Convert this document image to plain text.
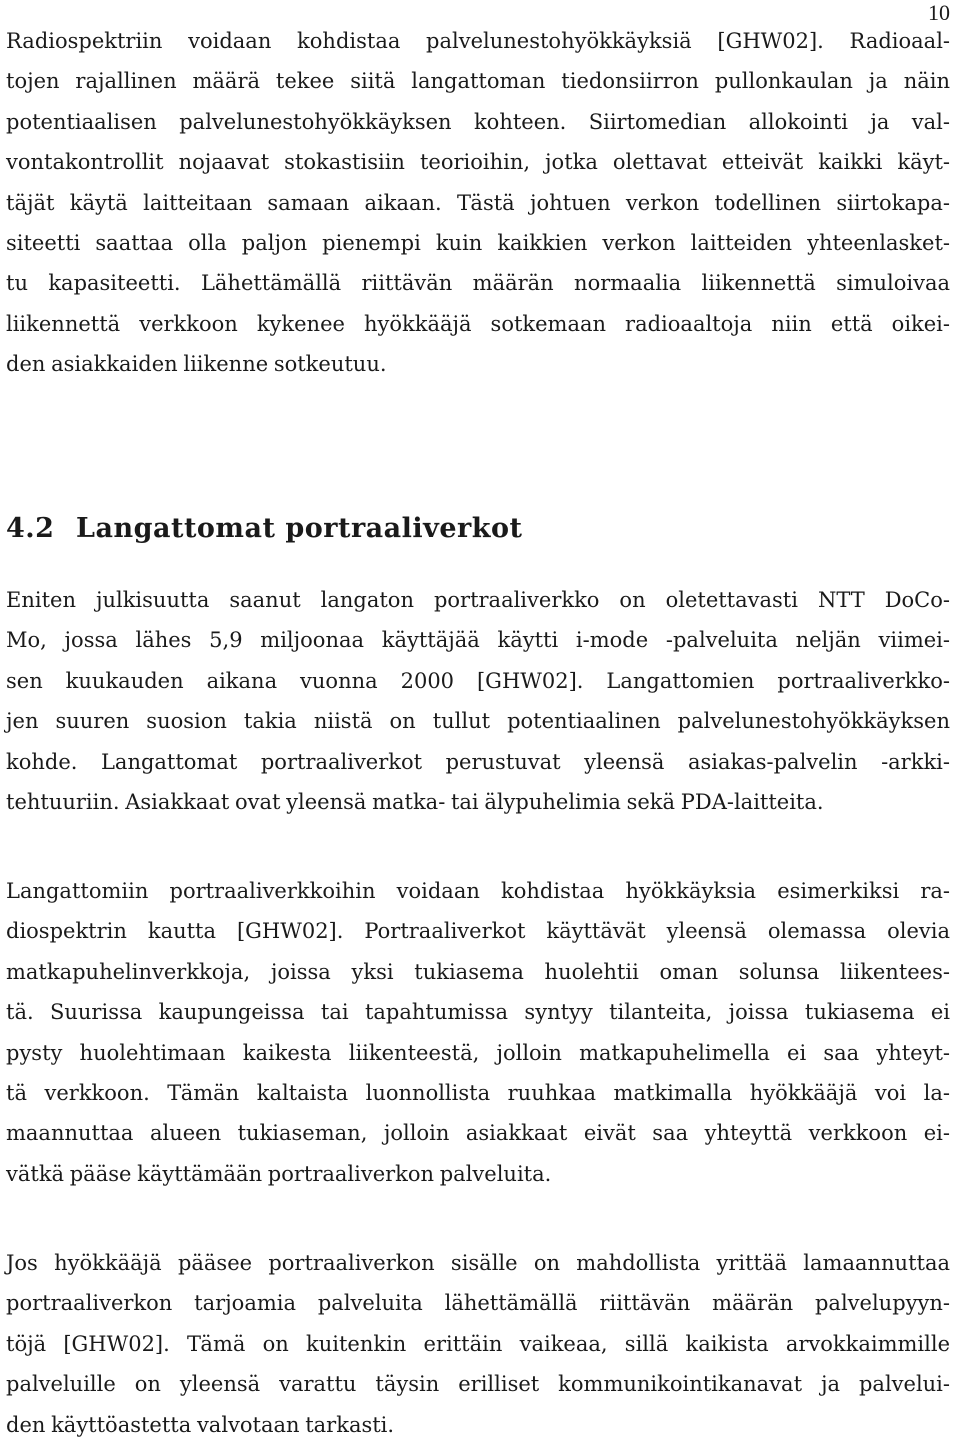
10
Radiospektriin voidaan kohdistaa palvelunestohyökkäyksiä [GHW02]. Radioaal-
tojen rajallinen määrä tekee siitä langattoman tiedonsiirron pullonkaulan ja näin
potentiaalisen palvelunestohyökkäyksen kohteen. Siirtomedian allokointi ja val-
vontakontrollit nojaavat stokastisiin teorioihin, jotka olettavat etteivät kaikki käyt-
täjät käytä laitteitaan samaan aikaan. Tästä johtuen verkon todellinen siirtokapa-
siteetti saattaa olla paljon pienempi kuin kaikkien verkon laitteiden yhteenlasket-
tu kapasiteetti. Lähettämällä riittävän määrän normaalia liikennettä simuloivaa
liikennettä verkkoon kykenee hyökkääjä sotkemaan radioaaltoja niin että oikei-
den asiakkaiden liikenne sotkeutuu.
4.2 Langattomat portraaliverkot
Eniten julkisuutta saanut langaton portraaliverkko on oletettavasti NTT DoCo-
Mo, jossa lähes 5,9 miljoonaa käyttäjää käytti i-mode -palveluita neljän viimei-
sen kuukauden aikana vuonna 2000 [GHW02]. Langattomien portraaliverkko-
jen suuren suosion takia niistä on tullut potentiaalinen palvelunestohyökkäyksen
kohde. Langattomat portraaliverkot perustuvat yleensä asiakas-palvelin -arkki-
tehtuuriin. Asiakkaat ovat yleensä matka- tai älypuhelimia sekä PDA-laitteita.
Langattomiin portraaliverkkoihin voidaan kohdistaa hyökkäyksia esimerkiksi ra-
diospektrin kautta [GHW02]. Portraaliverkot käyttävät yleensä olemassa olevia
matkapuhelinverkkoja, joissa yksi tukiasema huolehtii oman solunsa liikentees-
tä. Suurissa kaupungeissa tai tapahtumissa syntyy tilanteita, joissa tukiasema ei
pysty huolehtimaan kaikesta liikenteestä, jolloin matkapuhelimella ei saa yhteyt-
tä verkkoon. Tämän kaltaista luonnollista ruuhkaa matkimalla hyökkääjä voi la-
maannuttaa alueen tukiaseman, jolloin asiakkaat eivät saa yhteyttä verkkoon ei-
vätkä pääse käyttämään portraaliverkon palveluita.
Jos hyökkääjä pääsee portraaliverkon sisälle on mahdollista yrittää lamaannuttaa
portraaliverkon tarjoamia palveluita lähettämällä riittävän määrän palvelupyyn-
töjä [GHW02]. Tämä on kuitenkin erittäin vaikeaa, sillä kaikista arvokkaimmille
palveluille on yleensä varattu täysin erilliset kommunikointikanavat ja palvelui-
den käyttöastetta valvotaan tarkasti.
